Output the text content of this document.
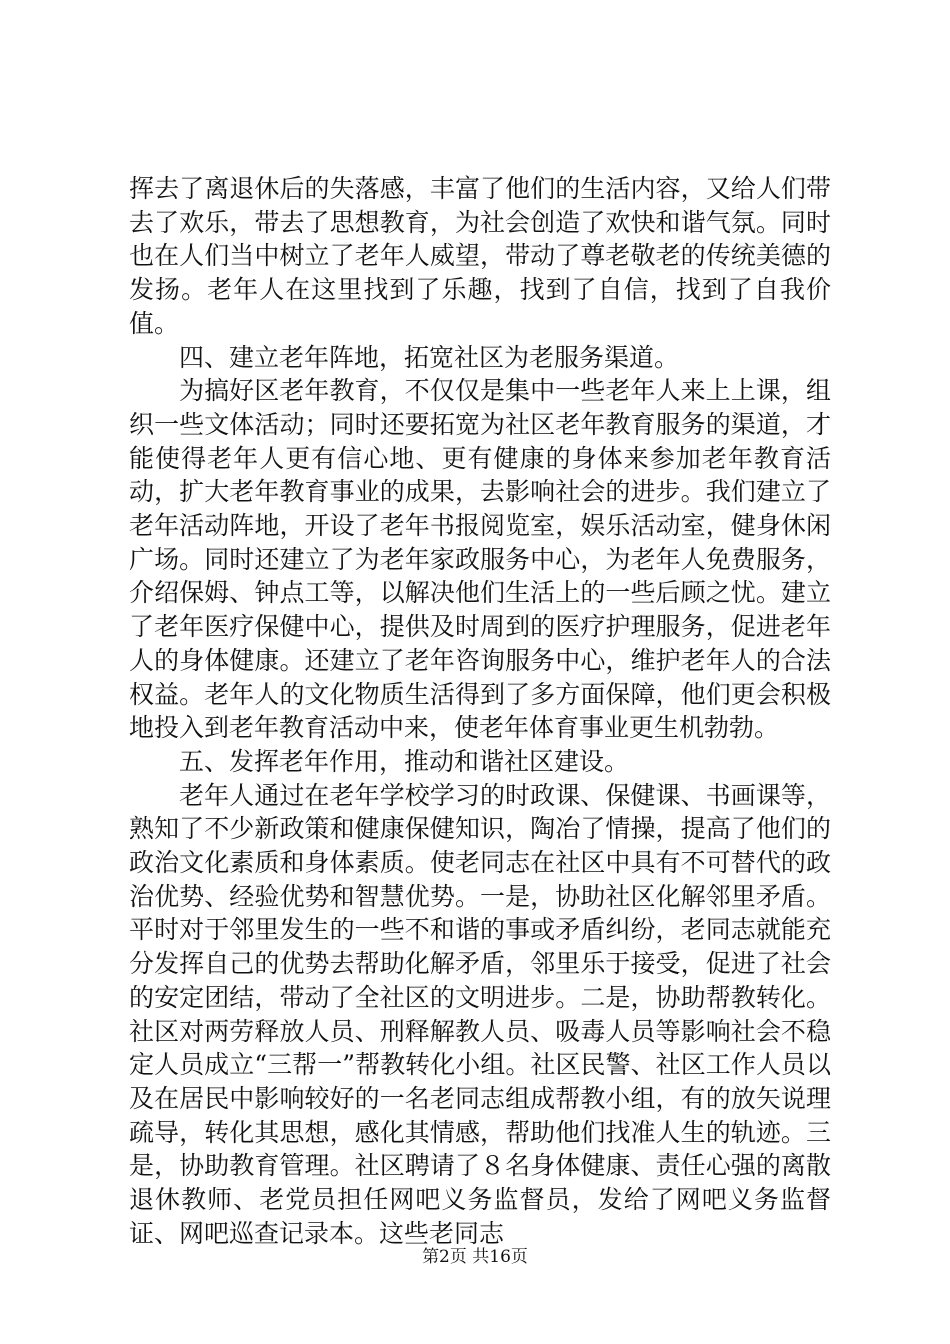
挥去了离退休后的失落感，丰富了他们的生活内容，又给人们带去了欢乐，带去了思想教育，为社会创造了欢快和谐气氛。同时也在人们当中树立了老年人威望，带动了尊老敬老的传统美德的发扬。老年人在这里找到了乐趣，找到了自信，找到了自我价值。

四、建立老年阵地，拓宽社区为老服务渠道。

为搞好区老年教育，不仅仅是集中一些老年人来上上课，组织一些文体活动；同时还要拓宽为社区老年教育服务的渠道，才能使得老年人更有信心地、更有健康的身体来参加老年教育活动，扩大老年教育事业的成果，去影响社会的进步。我们建立了老年活动阵地，开设了老年书报阅览室，娱乐活动室，健身休闲广场。同时还建立了为老年家政服务中心，为老年人免费服务，介绍保姆、钟点工等，以解决他们生活上的一些后顾之忧。建立了老年医疗保健中心，提供及时周到的医疗护理服务，促进老年人的身体健康。还建立了老年咨询服务中心，维护老年人的合法权益。老年人的文化物质生活得到了多方面保障，他们更会积极地投入到老年教育活动中来，使老年体育事业更生机勃勃。

五、发挥老年作用，推动和谐社区建设。

老年人通过在老年学校学习的时政课、保健课、书画课等，熟知了不少新政策和健康保健知识，陶冶了情操，提高了他们的政治文化素质和身体素质。使老同志在社区中具有不可替代的政治优势、经验优势和智慧优势。一是，协助社区化解邻里矛盾。平时对于邻里发生的一些不和谐的事或矛盾纠纷，老同志就能充分发挥自己的优势去帮助化解矛盾，邻里乐于接受，促进了社会的安定团结，带动了全社区的文明进步。二是，协助帮教转化。社区对两劳释放人员、刑释解教人员、吸毒人员等影响社会不稳定人员成立“三帮一”帮教转化小组。社区民警、社区工作人员以及在居民中影响较好的一名老同志组成帮教小组，有的放矢说理疏导，转化其思想，感化其情感，帮助他们找准人生的轨迹。三是，协助教育管理。社区聘请了８名身体健康、责任心强的离散退休教师、老党员担任网吧义务监督员，发给了网吧义务监督证、网吧巡查记录本。这些老同志

第2页 共16页
